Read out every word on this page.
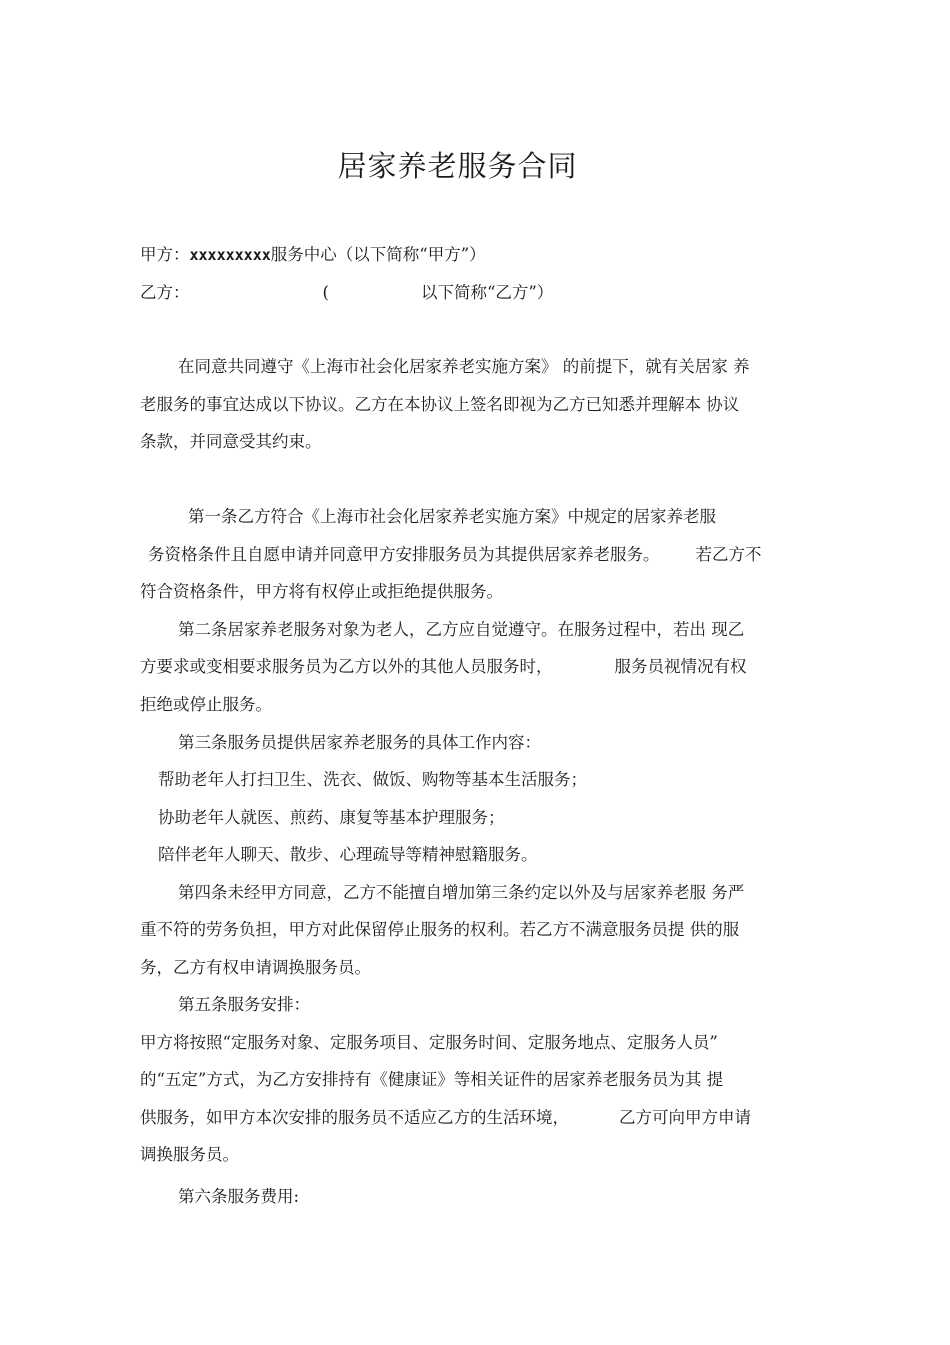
居家养老服务合同
甲方：xxxxxxxxx服务中心（以下简称“甲方”）
乙方：	(	以下简称“乙方”）
在同意共同遵守《上海市社会化居家养老实施方案》 的前提下，就有关居家 养
老服务的事宜达成以下协议。乙方在本协议上签名即视为乙方已知悉并理解本 协议
条款，并同意受其约束。
第一条乙方符合《上海市社会化居家养老实施方案》中规定的居家养老服
务资格条件且自愿申请并同意甲方安排服务员为其提供居家养老服务。 若乙方不
符合资格条件，甲方将有权停止或拒绝提供服务。
第二条居家养老服务对象为老人，乙方应自觉遵守。在服务过程中，若出 现乙
方要求或变相要求服务员为乙方以外的其他人员服务时，	服务员视情况有权
拒绝或停止服务。
第三条服务员提供居家养老服务的具体工作内容：
帮助老年人打扫卫生、洗衣、做饭、购物等基本生活服务；
协助老年人就医、煎药、康复等基本护理服务；
陪伴老年人聊天、散步、心理疏导等精神慰籍服务。
第四条未经甲方同意，乙方不能擅自增加第三条约定以外及与居家养老服 务严
重不符的劳务负担，甲方对此保留停止服务的权利。若乙方不满意服务员提 供的服
务，乙方有权申请调换服务员。
第五条服务安排：
甲方将按照“定服务对象、定服务项目、定服务时间、定服务地点、定服务人员”
的“五定”方式，为乙方安排持有《健康证》等相关证件的居家养老服务员为其 提
供服务，如甲方本次安排的服务员不适应乙方的生活环境，	乙方可向甲方申请
调换服务员。
第六条服务费用:
